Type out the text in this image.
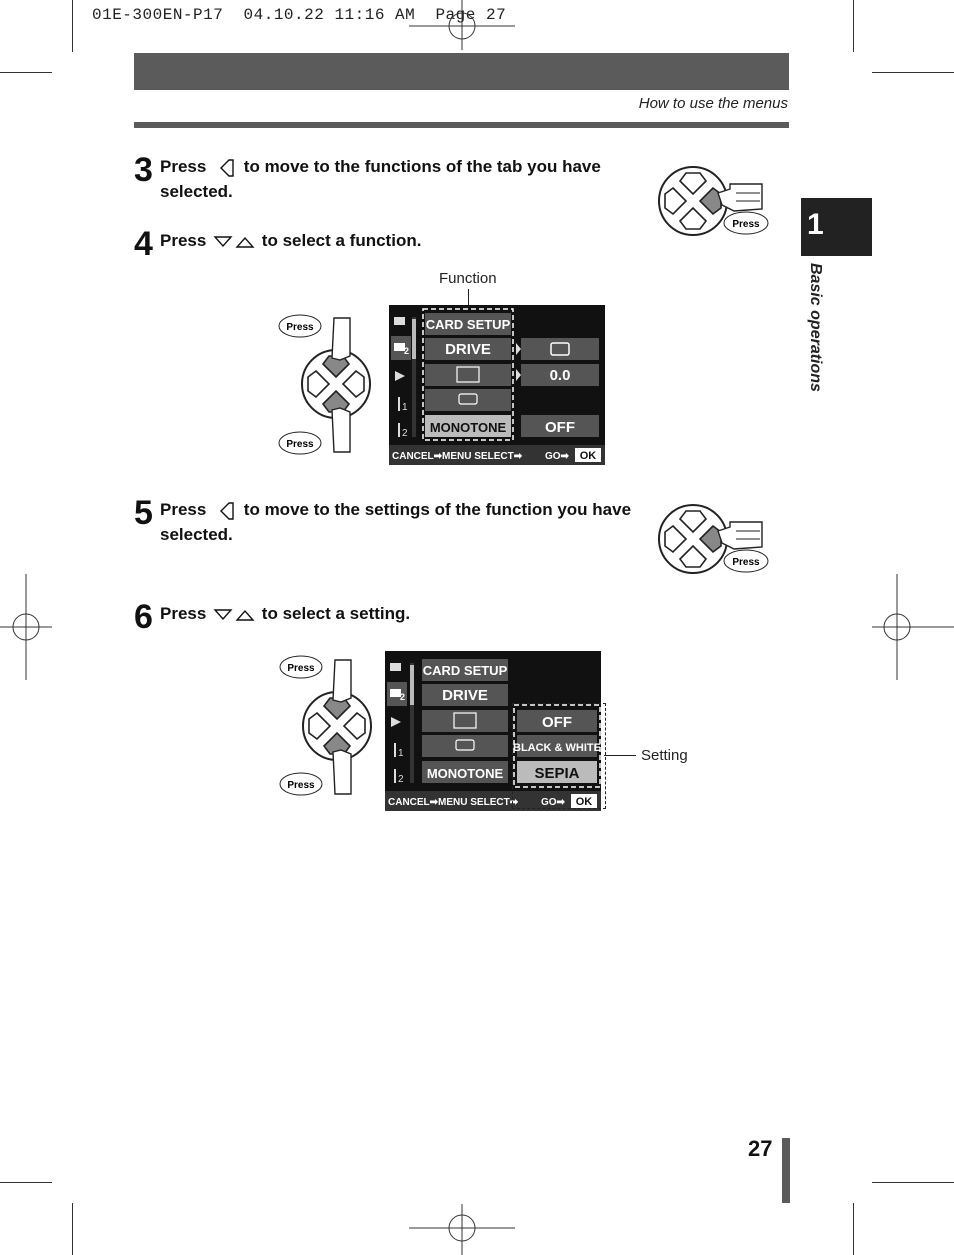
01E-300EN-P17  04.10.22 11:16 AM  Page 27
How to use the menus
1
Basic operations
3 Press to move to the functions of the tab you have
selected.
4 Press	to select a function.
5 Press to move to the settings of the function you have
selected.
6 Press	to select a setting.
Press
Press
Press
Press
Press
Press
Function
2
1
2
CARD SETUP
DRIVE
MONOTONE
0.0
OFF
CANCEL➡MENU SELECT➡ GO➡ OK
2
1
2
CARD SETUP
DRIVE
MONOTONE
OFF
BLACK & WHITE
SEPIA
CANCEL➡MENU SELECT➡ GO➡ OK
Setting
27
